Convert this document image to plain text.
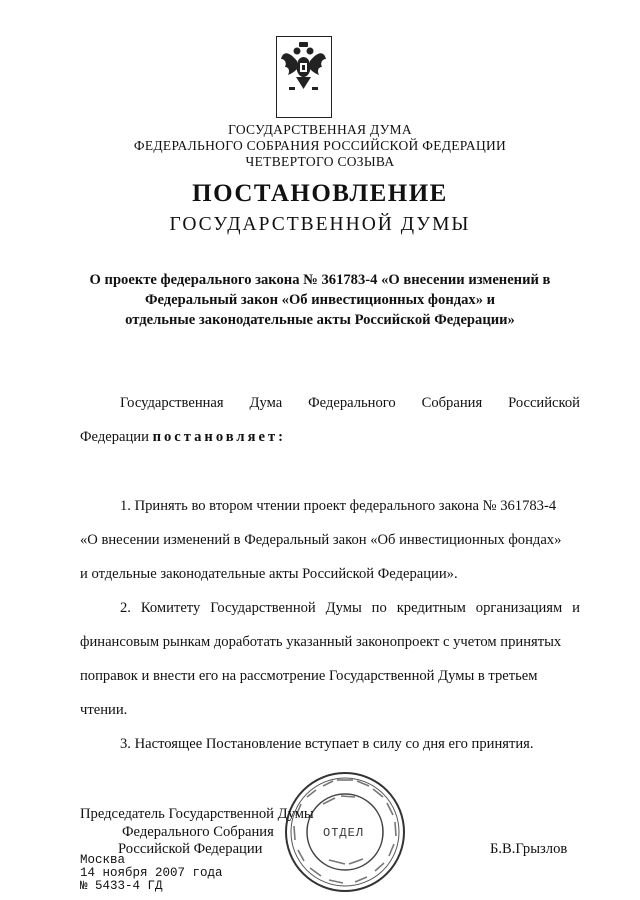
ГОСУДАРСТВЕННАЯ ДУМА
ФЕДЕРАЛЬНОГО СОБРАНИЯ РОССИЙСКОЙ ФЕДЕРАЦИИ
ЧЕТВЕРТОГО СОЗЫВА
ПОСТАНОВЛЕНИЕ
ГОСУДАРСТВЕННОЙ ДУМЫ
О проекте федерального закона № 361783-4 «О внесении изменений в
Федеральный закон «Об инвестиционных фондах» и
отдельные законодательные акты Российской Федерации»
Государственная Дума Федерального Собрания Российской
Федерации постановляет:
1. Принять во втором чтении проект федерального закона № 361783-4
«О внесении изменений в Федеральный закон «Об инвестиционных фондах»
и отдельные законодательные акты Российской Федерации».
2. Комитету Государственной Думы по кредитным организациям и
финансовым рынкам доработать указанный законопроект с учетом принятых
поправок и внести его на рассмотрение Государственной Думы в третьем
чтении.
3. Настоящее Постановление вступает в силу со дня его принятия.
ОТДЕЛ
Председатель Государственной Думы
Федерального Собрания
Российской Федерации	Б.В.Грызлов
Москва
14 ноября 2007 года
№ 5433-4 ГД
